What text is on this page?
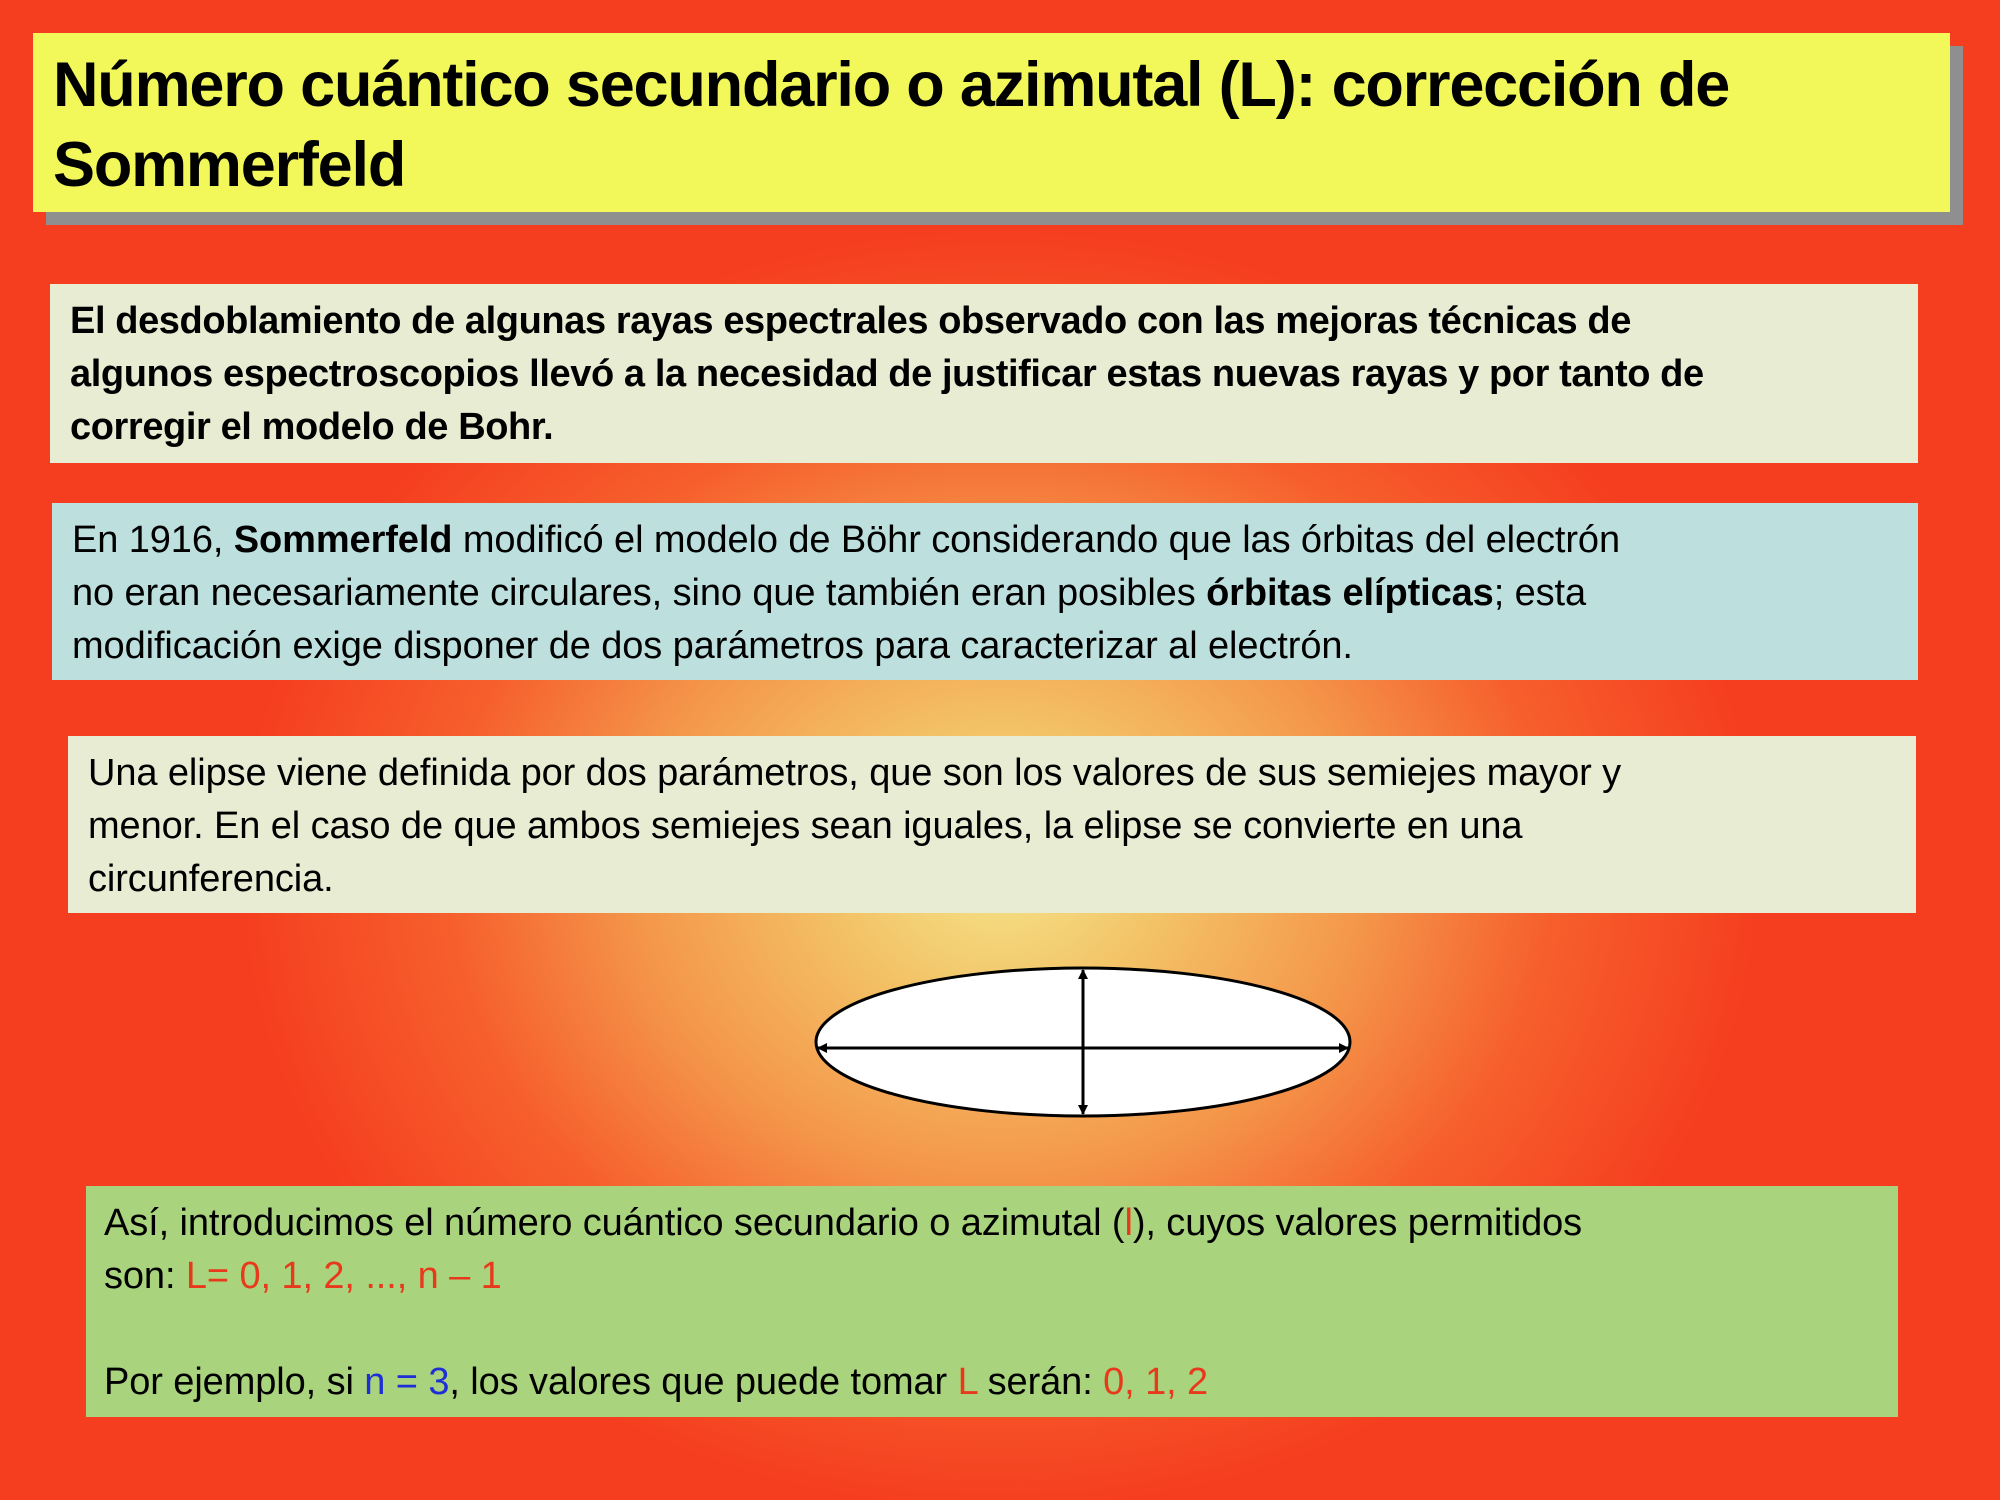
Número cuántico secundario o azimutal (L): corrección de
Sommerfeld
El desdoblamiento de algunas rayas espectrales observado con las mejoras técnicas de
algunos espectroscopios llevó a la necesidad de justificar estas nuevas rayas y por tanto de
corregir el modelo de Bohr.
En 1916, Sommerfeld modificó el modelo de Böhr considerando que las órbitas del electrón
no eran necesariamente circulares, sino que también eran posibles órbitas elípticas; esta
modificación exige disponer de dos parámetros para caracterizar al electrón.
Una elipse viene definida por dos parámetros, que son los valores de sus semiejes mayor y
menor. En el caso de que ambos semiejes sean iguales, la elipse se convierte en una
circunferencia.
Así, introducimos el número cuántico secundario o azimutal (l), cuyos valores permitidos
son: L= 0, 1, 2, ..., n – 1
Por ejemplo, si n = 3, los valores que puede tomar L serán: 0, 1, 2
